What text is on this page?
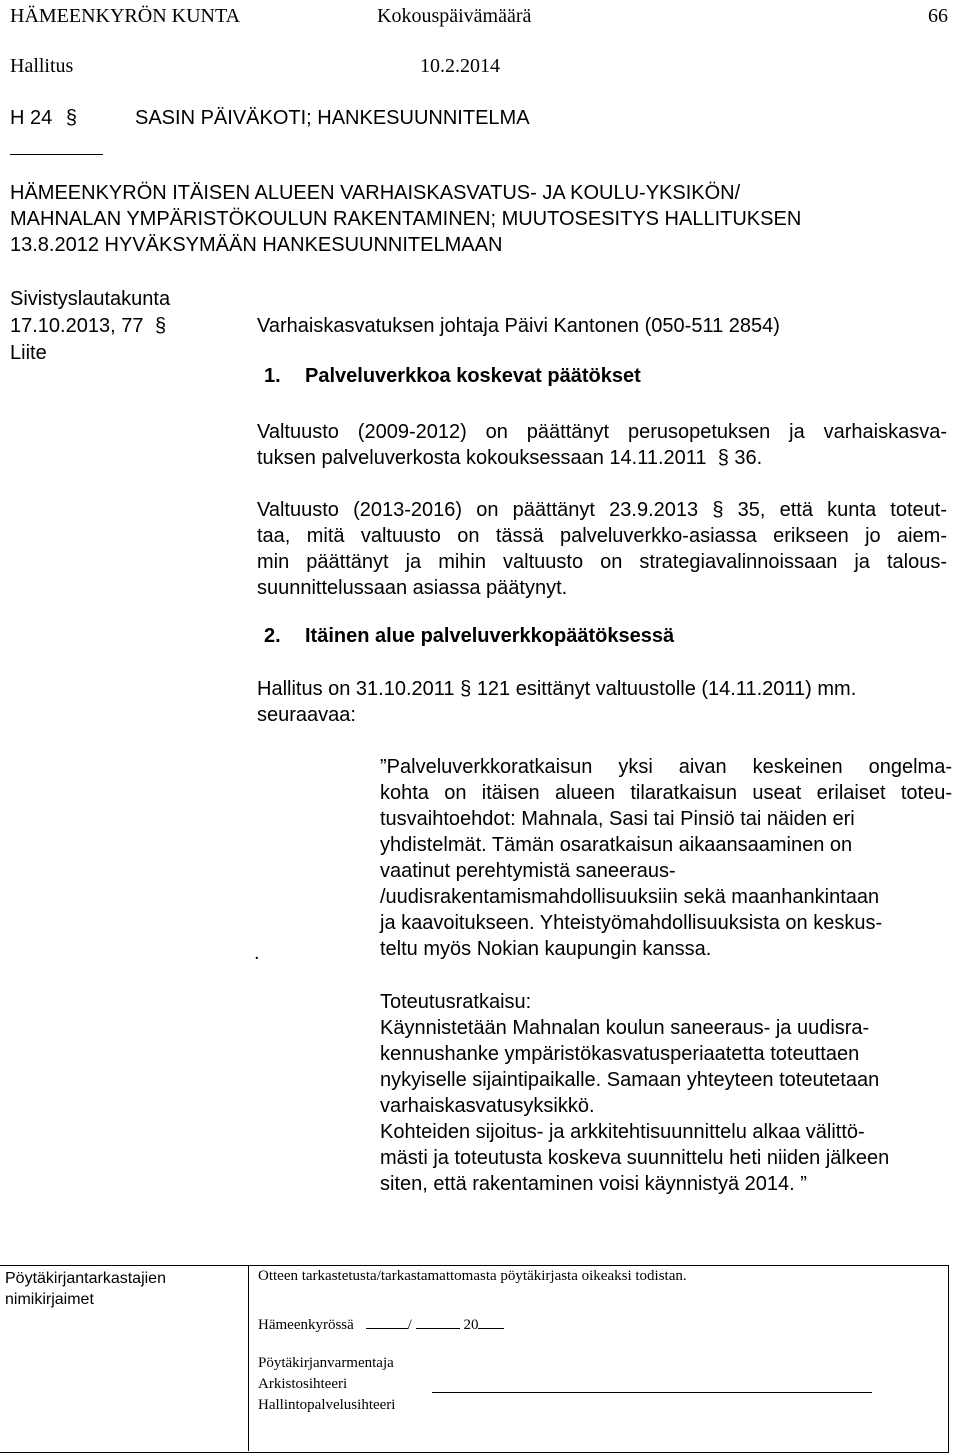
HÄMEENKYRÖN KUNTA	Kokouspäivämäärä	66
Hallitus	10.2.2014
H 24 §	SASIN PÄIVÄKOTI; HANKESUUNNITELMA
HÄMEENKYRÖN ITÄISEN ALUEEN VARHAISKASVATUS- JA KOULU-YKSIKÖN/
MAHNALAN YMPÄRISTÖKOULUN RAKENTAMINEN; MUUTOSESITYS HALLITUKSEN
13.8.2012 HYVÄKSYMÄÄN HANKESUUNNITELMAAN
Sivistyslautakunta
17.10.2013, 77 §
Liite
Varhaiskasvatuksen johtaja Päivi Kantonen (050-511 2854)
1. Palveluverkkoa koskevat päätökset
Valtuusto (2009-2012) on päättänyt perusopetuksen ja varhaiskasva-
tuksen palveluverkosta kokouksessaan 14.11.2011 § 36.
Valtuusto (2013-2016) on päättänyt 23.9.2013 § 35, että kunta toteut-
taa, mitä valtuusto on tässä palveluverkko-asiassa erikseen jo aiem-
min päättänyt ja mihin valtuusto on strategiavalinnoissaan ja talous-
suunnittelussaan asiassa päätynyt.
2. Itäinen alue palveluverkkopäätöksessä
Hallitus on 31.10.2011 § 121 esittänyt valtuustolle (14.11.2011) mm.
seuraavaa:
.
”Palveluverkkoratkaisun yksi aivan keskeinen ongelma-
kohta on itäisen alueen tilaratkaisun useat erilaiset toteu-
tusvaihtoehdot: Mahnala, Sasi tai Pinsiö tai näiden eri
yhdistelmät. Tämän osaratkaisun aikaansaaminen on
vaatinut perehtymistä saneeraus-
/uudisrakentamismahdollisuuksiin sekä maanhankintaan
ja kaavoitukseen. Yhteistyömahdollisuuksista on keskus-
teltu myös Nokian kaupungin kanssa.
Toteutusratkaisu:
Käynnistetään Mahnalan koulun saneeraus- ja uudisra-
kennushanke ympäristökasvatusperiaatetta toteuttaen
nykyiselle sijaintipaikalle. Samaan yhteyteen toteutetaan
varhaiskasvatusyksikkö.
Kohteiden sijoitus- ja arkkitehtisuunnittelu alkaa välittö-
mästi ja toteutusta koskeva suunnittelu heti niiden jälkeen
siten, että rakentaminen voisi käynnistyä 2014. ”
Pöytäkirjantarkastajien
nimikirjaimet
Otteen tarkastetusta/tarkastamattomasta pöytäkirjasta oikeaksi todistan.
Hämeenkyrössä	/	20
Pöytäkirjanvarmentaja
Arkistosihteeri
Hallintopalvelusihteeri
